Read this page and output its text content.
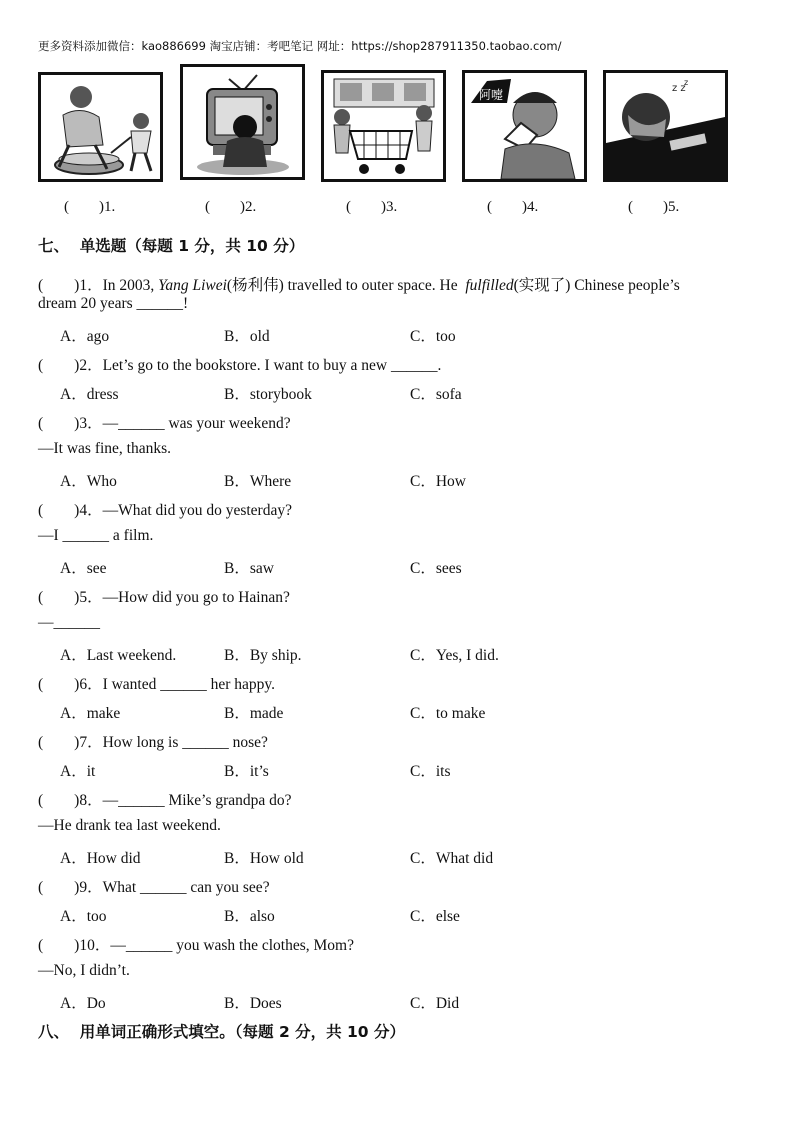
更多资料添加微信：kao886699 淘宝店铺：考吧笔记 网址：https://shop287911350.taobao.com/
阿嚏	z z
z
(        )1.	(        )2.	(        )3.	(        )4.	(        )5.
七、  单选题（每题 1 分，共 10 分）
(        )1．In 2003, Yang Liwei(杨利伟) travelled to outer space. He  fulfilled(实现了) Chinese people’s
dream 20 years ______!
A．ago	B．old	C．too
(        )2．Let’s go to the bookstore. I want to buy a new ______.
A．dress	B．storybook	C．sofa
(        )3．—______ was your weekend?
—It was fine, thanks.
A．Who	B．Where	C．How
(        )4．—What did you do yesterday?
—I ______ a film.
A．see	B．saw	C．sees
(        )5．—How did you go to Hainan?
—______
A．Last weekend.	B．By ship.	C．Yes, I did.
(        )6．I wanted ______ her happy.
A．make	B．made	C．to make
(        )7．How long is ______ nose?
A．it	B．it’s	C．its
(        )8．—______ Mike’s grandpa do?
—He drank tea last weekend.
A．How did	B．How old	C．What did
(        )9．What ______ can you see?
A．too	B．also	C．else
(        )10．—______ you wash the clothes, Mom?
—No, I didn’t.
A．Do	B．Does	C．Did
八、  用单词正确形式填空。（每题 2 分，共 10 分）
